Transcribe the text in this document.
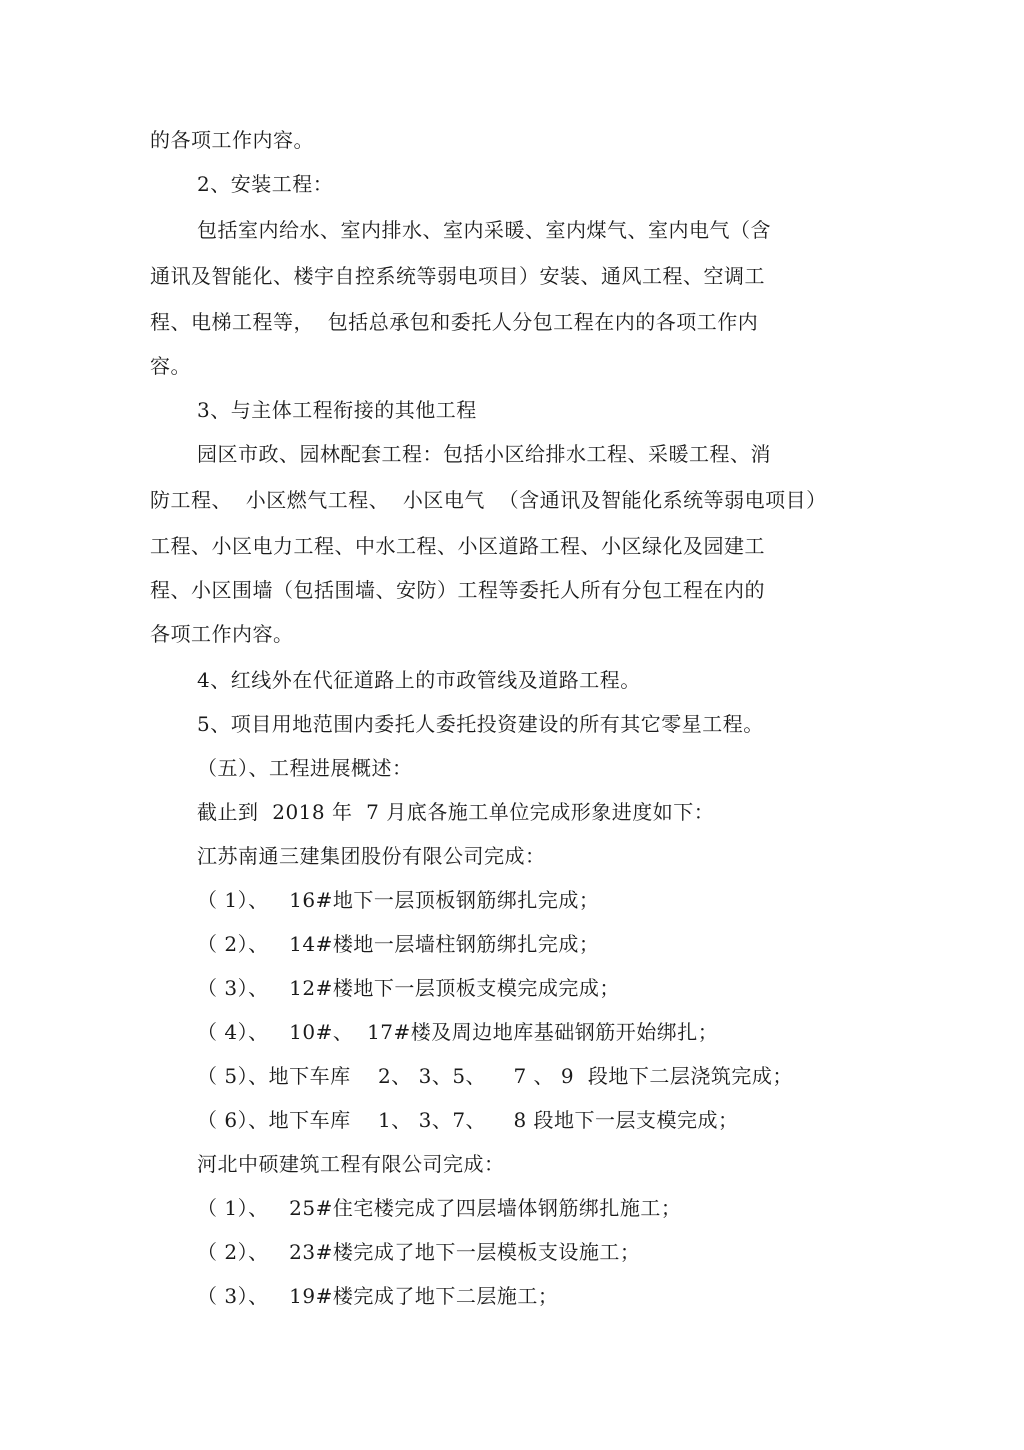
的各项工作内容。
2、安装工程：
包括室内给水、室内排水、室内采暖、室内煤气、室内电气（含
通讯及智能化、楼宇自控系统等弱电项目）安装、通风工程、空调工
程、电梯工程等，  包括总承包和委托人分包工程在内的各项工作内
容。
3、与主体工程衔接的其他工程
园区市政、园林配套工程：包括小区给排水工程、采暖工程、消
防工程、  小区燃气工程、  小区电气  （含通讯及智能化系统等弱电项目）
工程、小区电力工程、中水工程、小区道路工程、小区绿化及园建工
程、小区围墙（包括围墙、安防）工程等委托人所有分包工程在内的
各项工作内容。
4、红线外在代征道路上的市政管线及道路工程。
5、项目用地范围内委托人委托投资建设的所有其它零星工程。
（五）、工程进展概述：
截止到  2018 年  7 月底各施工单位完成形象进度如下：
江苏南通三建集团股份有限公司完成：
（ 1）、   16#地下一层顶板钢筋绑扎完成；
（ 2）、   14#楼地一层墙柱钢筋绑扎完成；
（ 3）、   12#楼地下一层顶板支模完成完成；
（ 4）、   10#、  17#楼及周边地库基础钢筋开始绑扎；
（ 5）、地下车库    2、 3、5、    7 、 9  段地下二层浇筑完成；
（ 6）、地下车库    1、 3、7、    8 段地下一层支模完成；
河北中硕建筑工程有限公司完成：
（ 1）、   25#住宅楼完成了四层墙体钢筋绑扎施工；
（ 2）、   23#楼完成了地下一层模板支设施工；
（ 3）、   19#楼完成了地下二层施工；
